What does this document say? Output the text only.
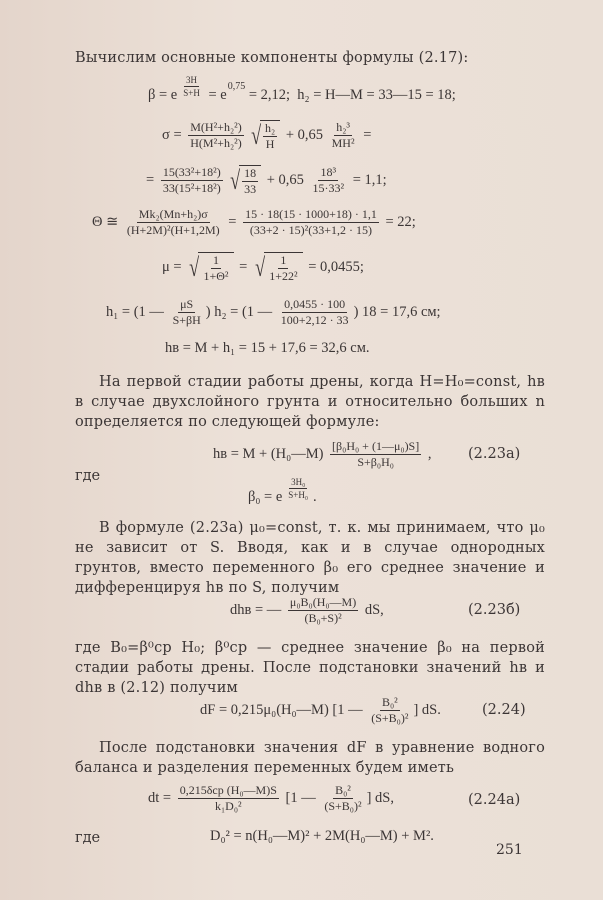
Вычислим основные компоненты формулы (2.17):
β = e $\frac{3H}{S+H} = e$
0,75
= 2,12;  h₂ = H—M = 33—15 = 18;
$\sigma = \frac{\text{M(H²+h₂²)}}{\text{H(M²+h₂²)}}$ √ $\frac{\text{h₂}}{H} + 0,65 \frac{\text{h₂³}}{\text{MH²}}$ =
= $\frac{\text{15(33²+18²)}}{\text{33(15²+18²)}}$ √ $\frac{18}{33} + 0,65 \frac{\text{18³}}{\text{15·33²}} = 1,1$;
Θ ≅ $\frac{\text{Mk₂(Mn+h₂)σ}}{\text{(H+2M)²(H+1,2M)}} = \frac{15 \cdot 18(15 \cdot 1000+18) \cdot 1,1}{\text{(33+2 · 15)²(33+1,2 · 15)}} = 22$;
μ = √ $\frac{1}{\text{1+Θ²}}$ = √ $\frac{1}{\text{1+22²}} = 0,0455$;
h₁ = (1 — $\frac{\mu S}{S+\beta H}$ ) h₂ = (1 — $\frac{0,0455 \cdot 100}{100+2,12 \cdot 33}$ ) 18 = 17,6 см;
hв = M + h₁ = 15 + 17,6 = 32,6 см.
На первой стадии работы дрены, когда H=H₀=const, hв в случае двухслойного грунта и относительно больших n определяется по следующей формуле:
hв = M + (H₀—M) $\frac{\text{[β₀H₀ + (1—μ₀)S]}}{\text{S+β₀H₀}}$ ,	(2.23а)
где
β₀ = e $\frac{\text{3H₀}}{\text{S+H₀}}$ .
В формуле (2.23а) μ₀=const, т. к. мы принимаем, что μ₀ не зависит от S. Вводя, как и в случае однородных грунтов, вместо переменного β₀ его среднее значение и дифференцируя hв по S, получим
dhв = — $\frac{\text{μ₀B₀(H₀—M)}}{\text{(B₀+S)²}}$ dS,	(2.23б)
где B₀=β⁰cp H₀; β⁰cp — среднее значение β₀ на первой стадии работы дрены. После подстановки значений hв и dhв в (2.12) получим
dF = 0,215μ₀(H₀—M) [1 — $\frac{\text{B₀²}}{\text{(S+B₀)²}}$ ] dS.	(2.24)
После подстановки значения dF в уравнение водного баланса и разделения переменных будем иметь
dt = $\frac{\text{0,215δcp (H₀—M)S}}{\text{k₁D₀²}} [1$ — $\frac{\text{B₀²}}{\text{(S+B₀)²}}$ ] dS,	(2.24а)
где	D₀² = n(H₀—M)² + 2M(H₀—M) + M².
251
